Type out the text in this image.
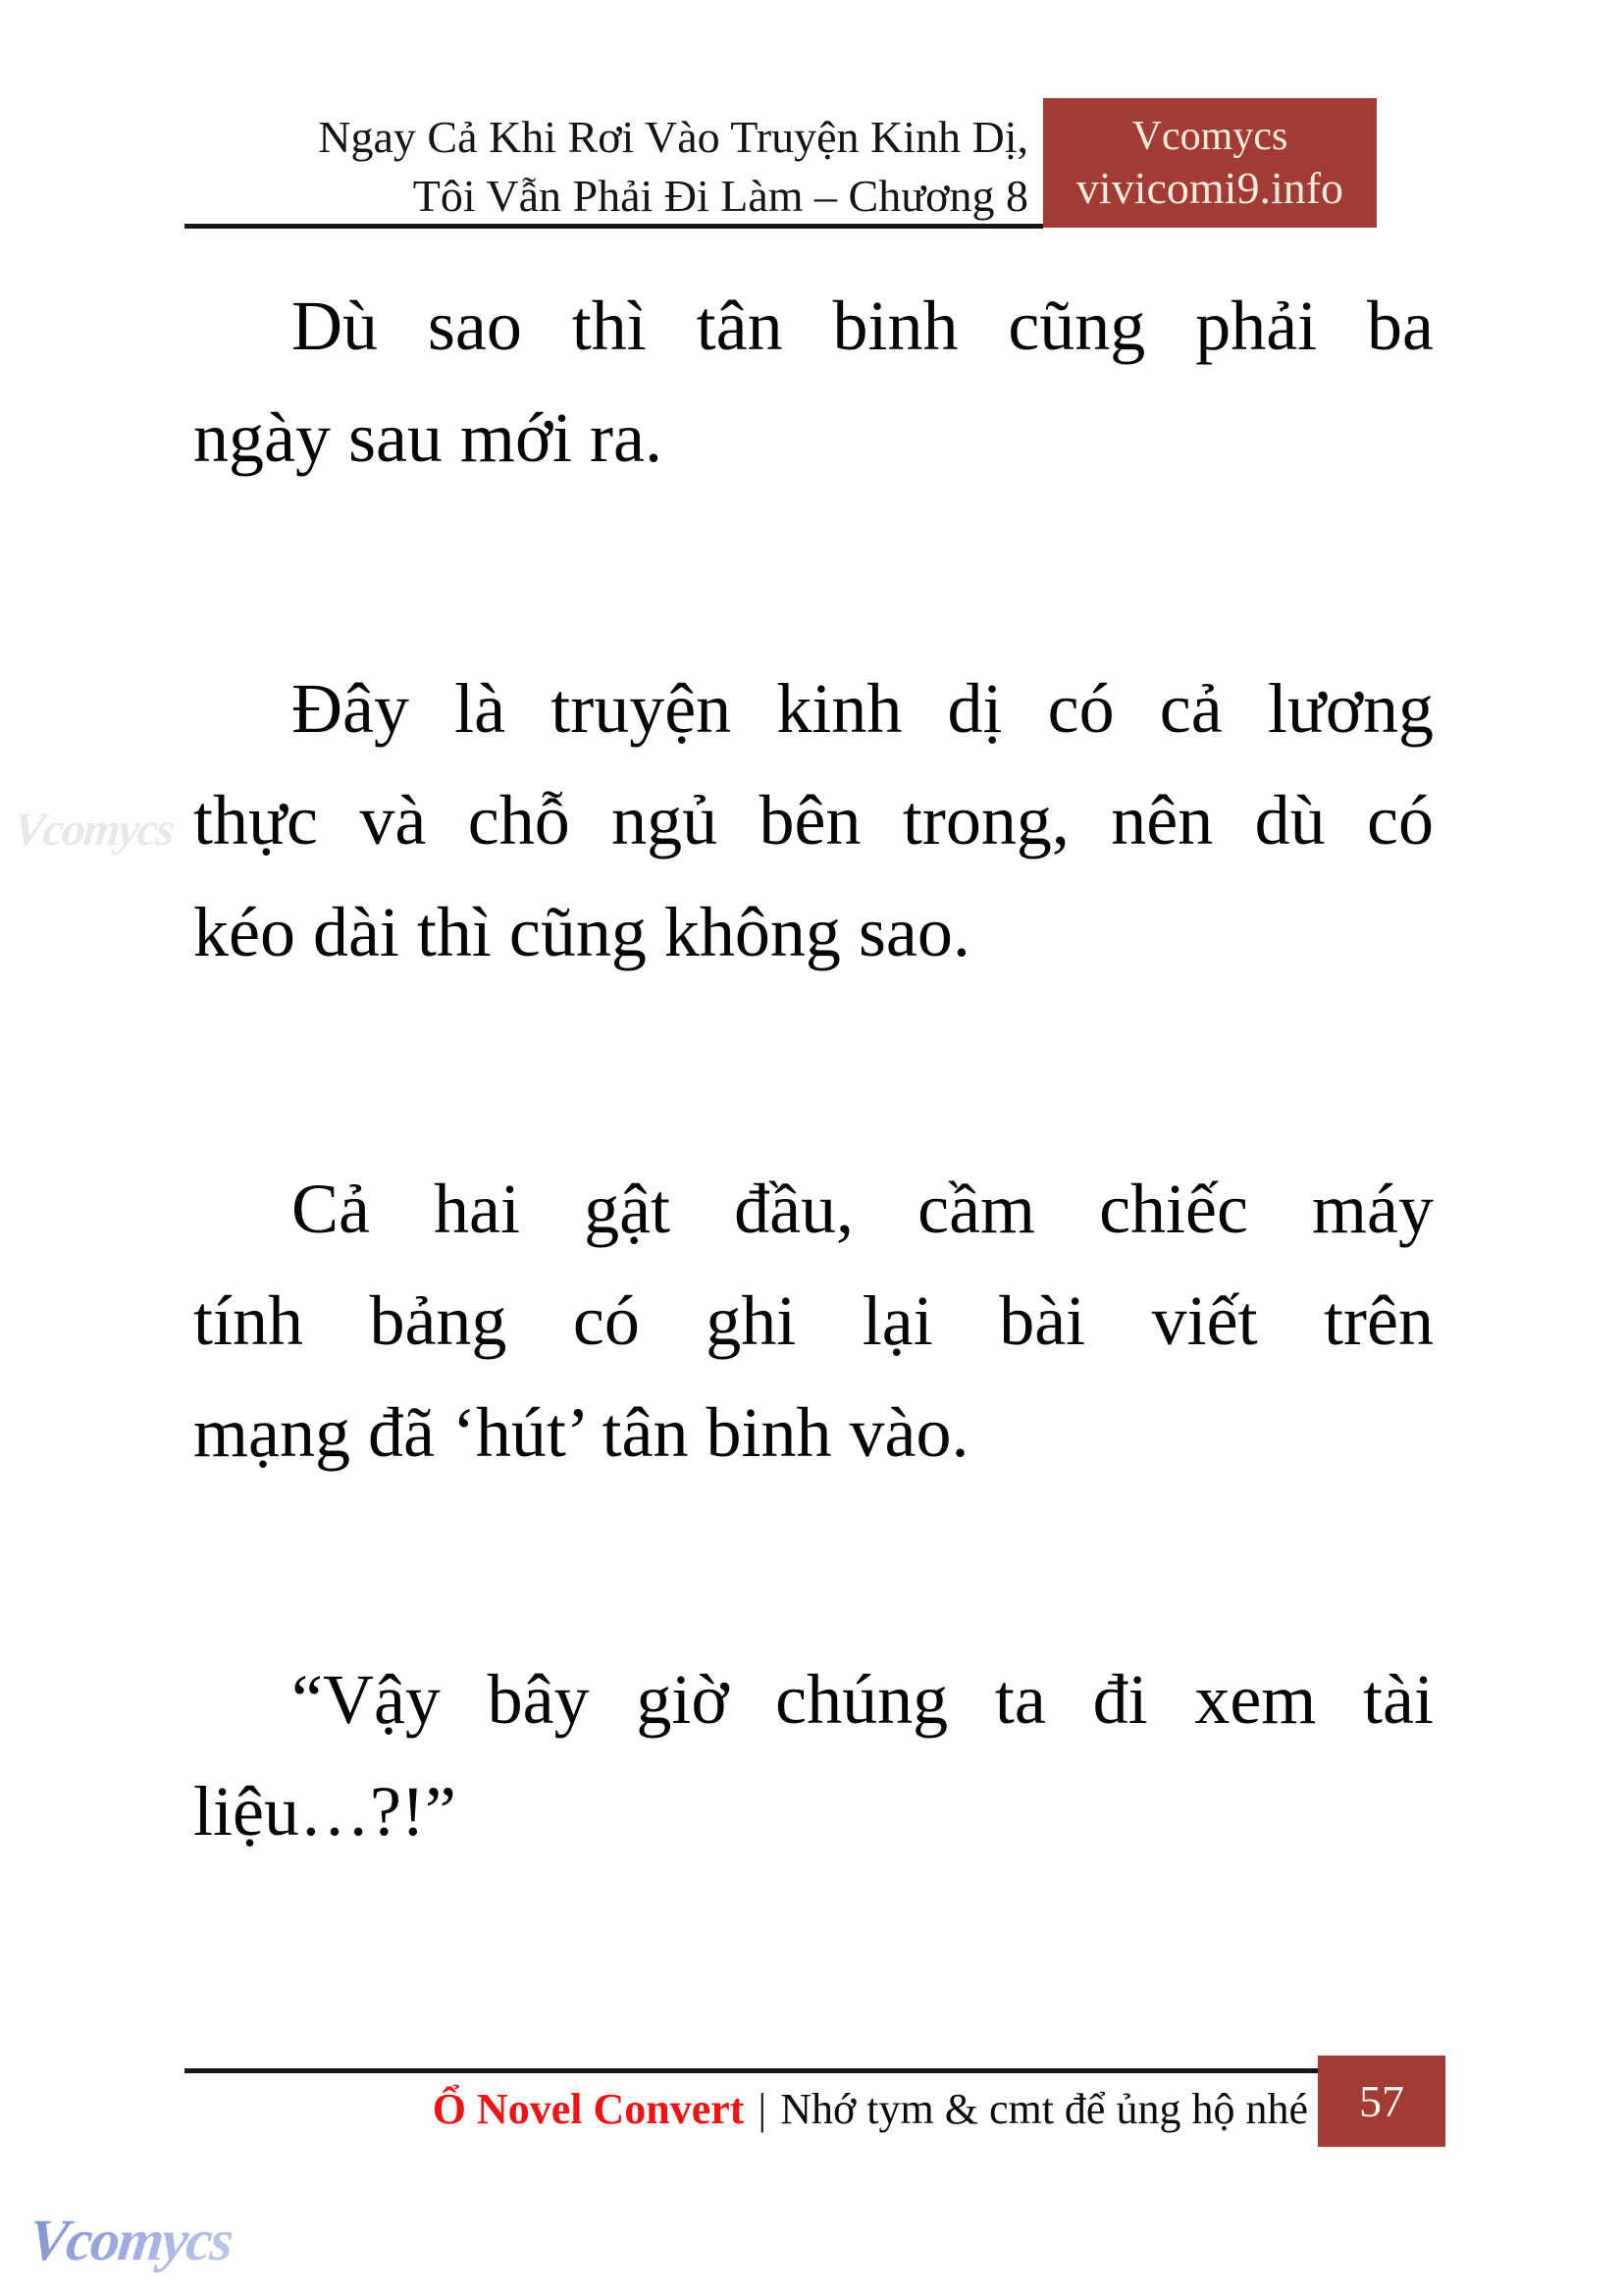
Ngay Cả Khi Rơi Vào Truyện Kinh Dị,
Tôi Vẫn Phải Đi Làm – Chương 8
Vcomycs
vivicomi9.info
Vcomycs
Dù sao thì tân binh cũng phải ba
ngày sau mới ra.
Đây là truyện kinh dị có cả lương
thực và chỗ ngủ bên trong, nên dù có
kéo dài thì cũng không sao.
Cả hai gật đầu, cầm chiếc máy
tính bảng có ghi lại bài viết trên
mạng đã ‘hút’ tân binh vào.
“Vậy bây giờ chúng ta đi xem tài
liệu…?!”
Ổ Novel Convert | Nhớ tym & cmt để ủng hộ nhé 57
Vcomycs
